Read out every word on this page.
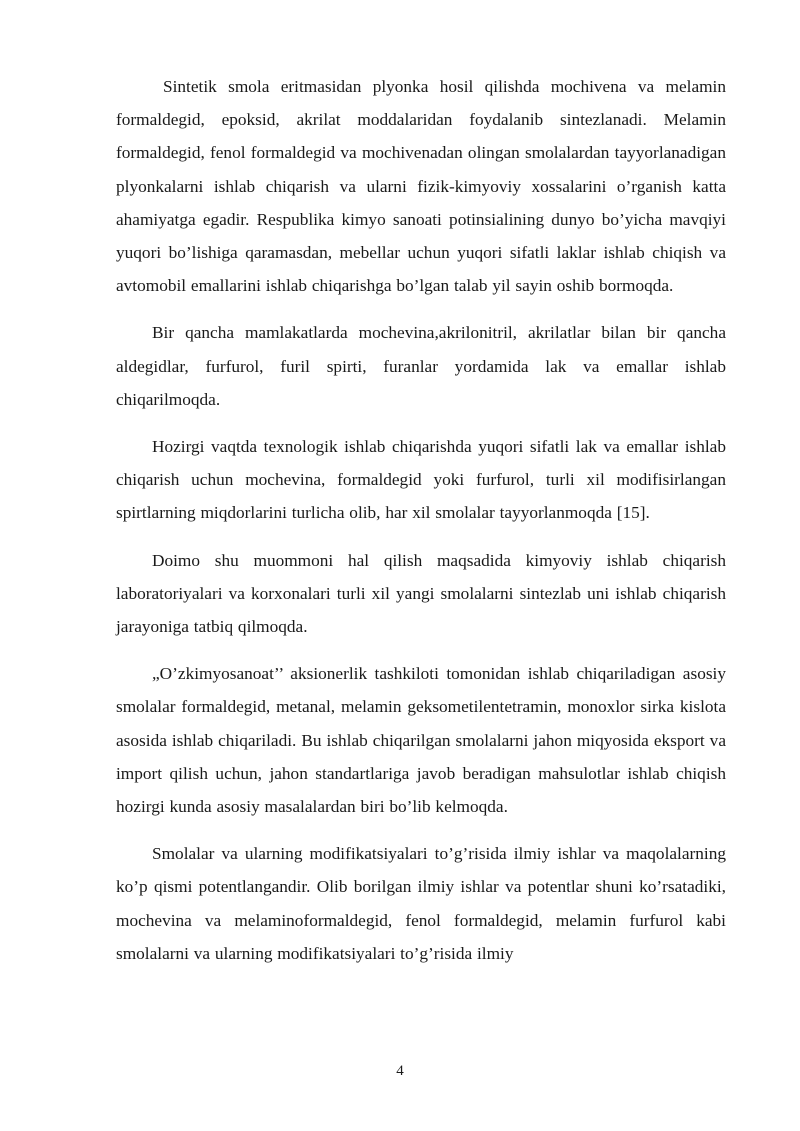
Sintetik smola eritmasidan plyonka hosil qilishda mochivena va melamin formaldegid, epoksid, akrilat moddalaridan foydalanib sintezlanadi. Melamin formaldegid, fenol formaldegid va mochivenadan olingan smolalardan tayyorlanadigan plyonkalarni ishlab chiqarish va ularni fizik-kimyoviy xossalarini o’rganish katta ahamiyatga egadir. Respublika kimyo sanoati potinsialining dunyo bo’yicha mavqiyi yuqori bo’lishiga qaramasdan, mebellar uchun yuqori sifatli laklar ishlab chiqish va avtomobil emallarini ishlab chiqarishga bo’lgan talab yil sayin oshib bormoqda.

Bir qancha mamlakatlarda mochevina,akrilonitril, akrilatlar bilan bir qancha aldegidlar, furfurol, furil spirti, furanlar yordamida lak va emallar ishlab chiqarilmoqda.

Hozirgi vaqtda texnologik ishlab chiqarishda yuqori sifatli lak va emallar ishlab chiqarish uchun mochevina, formaldegid yoki furfurol, turli xil modifisirlangan spirtlarning miqdorlarini turlicha olib, har xil smolalar tayyorlanmoqda [15].

Doimo shu muommoni hal qilish maqsadida kimyoviy ishlab chiqarish laboratoriyalari va korxonalari turli xil yangi smolalarni sintezlab uni ishlab chiqarish jarayoniga tatbiq qilmoqda.

„O’zkimyosanoat’’ aksionerlik tashkiloti tomonidan ishlab chiqariladigan asosiy smolalar formaldegid, metanal, melamin geksometilentetramin, monoxlor sirka kislota asosida ishlab chiqariladi. Bu ishlab chiqarilgan smolalarni jahon miqyosida eksport va import qilish uchun, jahon standartlariga javob beradigan mahsulotlar ishlab chiqish hozirgi kunda asosiy masalalardan biri bo’lib kelmoqda.

Smolalar va ularning modifikatsiyalari to’g’risida ilmiy ishlar va maqolalarning ko’p qismi potentlangandir. Olib borilgan ilmiy ishlar va potentlar shuni ko’rsatadiki, mochevina va melaminoformaldegid, fenol formaldegid, melamin furfurol kabi smolalarni va ularning modifikatsiyalari to’g’risida ilmiy

4
